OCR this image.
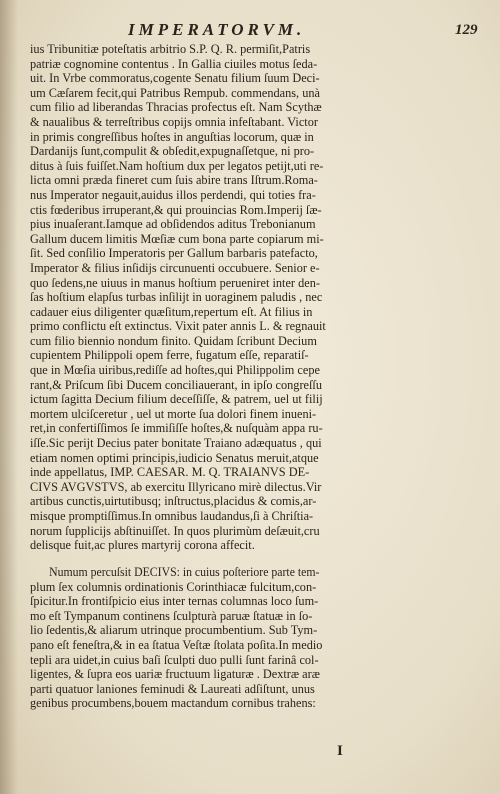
IMPERATORVM.	129
ius Tribunitiæ poteſtatis arbitrio S.P. Q. R. permiſit,Patris
patriæ cognomine contentus . In Gallia ciuiles motus ſeda-
uit. In Vrbe commoratus,cogente Senatu filium ſuum Deci-
um Cæſarem fecit,qui Patribus Rempub. commendans, unà
cum filio ad liberandas Thracias profectus eſt. Nam Scythæ
& naualibus & terreſtribus copijs omnia infeſtabant. Victor
in primis congreſſibus hoſtes in anguſtias locorum, quæ in
Dardanijs ſunt,compulit & obſedit,expugnaſſetque, ni pro-
ditus à ſuis fuiſſet.Nam hoſtium dux per legatos petijt,uti re-
licta omni præda fineret cum ſuis abire trans Iſtrum.Roma-
nus Imperator negauit,auidus illos perdendi, qui toties fra-
ctis fœderibus irruperant,& qui prouincias Rom.Imperij ſæ-
pius inuaſerant.Iamque ad obſidendos aditus Trebonianum
Gallum ducem limitis Mœſiæ cum bona parte copiarum mi-
ſit. Sed conſilio Imperatoris per Gallum barbaris patefacto,
Imperator & filius inſidijs circunuenti occubuere. Senior e-
quo ſedens,ne uiuus in manus hoſtium perueniret inter den-
ſas hoſtium elapſus turbas inſilijt in uoraginem paludis , nec
cadauer eius diligenter quæſitum,repertum eſt. At filius in
primo conflictu eſt extinctus. Vixit pater annis L. & regnauit
cum filio biennio nondum finito. Quidam ſcribunt Decium
cupientem Philippoli opem ferre, fugatum eſſe, reparatiſ-
que in Mœſia uiribus,rediſſe ad hoſtes,qui Philippolim cepe
rant,& Priſcum ſibi Ducem conciliauerant, in ipſo congreſſu
ictum ſagitta Decium filium deceſſiſſe, & patrem, uel ut filij
mortem ulciſceretur , uel ut morte ſua dolori finem inueni-
ret,in confertiſſimos ſe immiſiſſe hoſtes,& nuſquàm appa ru-
iſſe.Sic perijt Decius pater bonitate Traiano adæquatus , qui
etiam nomen optimi principis,iudicio Senatus meruit,atque
inde appellatus, IMP. CAESAR. M. Q. TRAIANVS DE-
CIVS AVGVSTVS, ab exercitu Illyricano mirè dilectus.Vir
artibus cunctis,uirtutibusq; inſtructus,placidus & comis,ar-
misque promptiſſimus.In omnibus laudandus,ſi à Chriſtia-
norum ſupplicijs abſtinuiſſet. In quos plurimùm deſæuit,cru
delisque fuit,ac plures martyrij corona affecit.
Numum percuſsit DECIVS: in cuius poſteriore parte tem-
plum ſex columnis ordinationis Corinthiacæ fulcitum,con-
ſpicitur.In frontiſpicio eius inter ternas columnas loco ſum-
mo eſt Tympanum continens ſculpturà paruæ ſtatuæ in ſo-
lio ſedentis,& aliarum utrinque procumbentium. Sub Tym-
pano eſt feneſtra,& in ea ſtatua Veſtæ ſtolata poſita.In medio
tepli ara uidet,in cuius baſi ſculpti duo pulli ſunt farinâ col-
ligentes, & ſupra eos uariæ fructuum ligaturæ . Dextræ aræ
parti quatuor laniones feminudi & Laureati adſiſtunt, unus
genibus procumbens,bouem mactandum cornibus trahens:
I
